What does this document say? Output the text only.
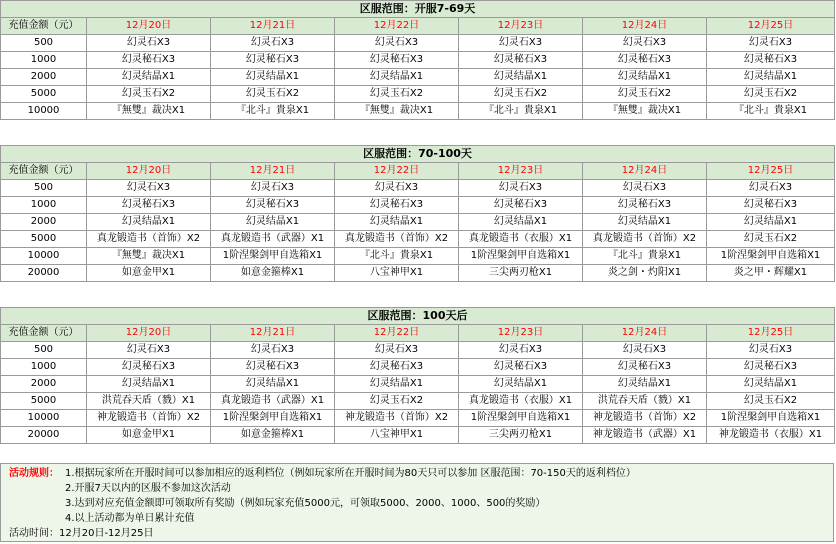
区服范围：开服7-69天						
充值金额（元）	12月20日	12月21日	12月22日	12月23日	12月24日	12月25日
500	幻灵石X3	幻灵石X3	幻灵石X3	幻灵石X3	幻灵石X3	幻灵石X3
1000	幻灵秘石X3	幻灵秘石X3	幻灵秘石X3	幻灵秘石X3	幻灵秘石X3	幻灵秘石X3
2000	幻灵结晶X1	幻灵结晶X1	幻灵结晶X1	幻灵结晶X1	幻灵结晶X1	幻灵结晶X1
5000	幻灵玉石X2	幻灵玉石X2	幻灵玉石X2	幻灵玉石X2	幻灵玉石X2	幻灵玉石X2
10000	『無雙』裁决X1	『北斗』貴泉X1	『無雙』裁决X1	『北斗』貴泉X1	『無雙』裁决X1	『北斗』貴泉X1
区服范围：70-100天						
充值金额（元）	12月20日	12月21日	12月22日	12月23日	12月24日	12月25日
500	幻灵石X3	幻灵石X3	幻灵石X3	幻灵石X3	幻灵石X3	幻灵石X3
1000	幻灵秘石X3	幻灵秘石X3	幻灵秘石X3	幻灵秘石X3	幻灵秘石X3	幻灵秘石X3
2000	幻灵结晶X1	幻灵结晶X1	幻灵结晶X1	幻灵结晶X1	幻灵结晶X1	幻灵结晶X1
5000	真龙锻造书（首饰）X2	真龙锻造书（武器）X1	真龙锻造书（首饰）X2	真龙锻造书（衣服）X1	真龙锻造书（首饰）X2	幻灵玉石X2
10000	『無雙』裁决X1	1阶涅槃剑甲自选箱X1	『北斗』貴泉X1	1阶涅槃剑甲自选箱X1	『北斗』貴泉X1	1阶涅槃剑甲自选箱X1
20000	如意金甲X1	如意金箍棒X1	八宝神甲X1	三尖两刃枪X1	炎之剑・灼阳X1	炎之甲・辉耀X1
区服范围：100天后						
充值金额（元）	12月20日	12月21日	12月22日	12月23日	12月24日	12月25日
500	幻灵石X3	幻灵石X3	幻灵石X3	幻灵石X3	幻灵石X3	幻灵石X3
1000	幻灵秘石X3	幻灵秘石X3	幻灵秘石X3	幻灵秘石X3	幻灵秘石X3	幻灵秘石X3
2000	幻灵结晶X1	幻灵结晶X1	幻灵结晶X1	幻灵结晶X1	幻灵结晶X1	幻灵结晶X1
5000	洪荒吞天盾（戮）X1	真龙锻造书（武器）X1	幻灵玉石X2	真龙锻造书（衣服）X1	洪荒吞天盾（戮）X1	幻灵玉石X2
10000	神龙锻造书（首饰）X2	1阶涅槃剑甲自选箱X1	神龙锻造书（首饰）X2	1阶涅槃剑甲自选箱X1	神龙锻造书（首饰）X2	1阶涅槃剑甲自选箱X1
20000	如意金甲X1	如意金箍棒X1	八宝神甲X1	三尖两刃枪X1	神龙锻造书（武器）X1	神龙锻造书（衣服）X1
活动规则： 1.根据玩家所在开服时间可以参加相应的返利档位（例如玩家所在开服时间为80天只可以参加 区服范围：70-150天的返利档位）
2.开服7天以内的区服不参加这次活动
3.达到对应充值金额即可领取所有奖励（例如玩家充值5000元，可领取5000、2000、1000、500的奖励）
4.以上活动都为单日累计充值
活动时间：12月20日-12月25日
